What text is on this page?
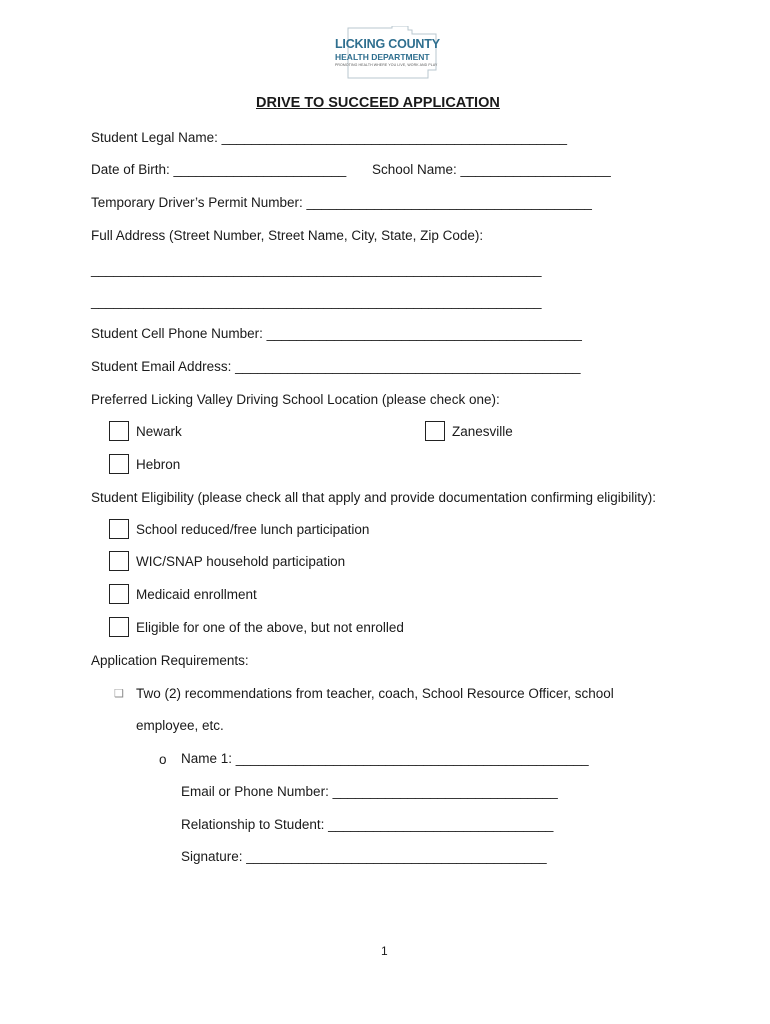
LICKING COUNTY
HEALTH DEPARTMENT
PROMOTING HEALTH WHERE YOU LIVE, WORK AND PLAY
DRIVE TO SUCCEED APPLICATION
Student Legal Name: ______________________________________________
Date of Birth: _______________________ School Name: ____________________
Temporary Driver’s Permit Number: ______________________________________
Full Address (Street Number, Street Name, City, State, Zip Code):
____________________________________________________________
____________________________________________________________
Student Cell Phone Number: __________________________________________
Student Email Address: ______________________________________________
Preferred Licking Valley Driving School Location (please check one):
Newark	Zanesville
Hebron
Student Eligibility (please check all that apply and provide documentation confirming eligibility):
School reduced/free lunch participation
WIC/SNAP household participation
Medicaid enrollment
Eligible for one of the above, but not enrolled
Application Requirements:
❑ Two (2) recommendations from teacher, coach, School Resource Officer, school
employee, etc.
o Name 1: _______________________________________________
Email or Phone Number: ______________________________
Relationship to Student: ______________________________
Signature: ________________________________________
1
